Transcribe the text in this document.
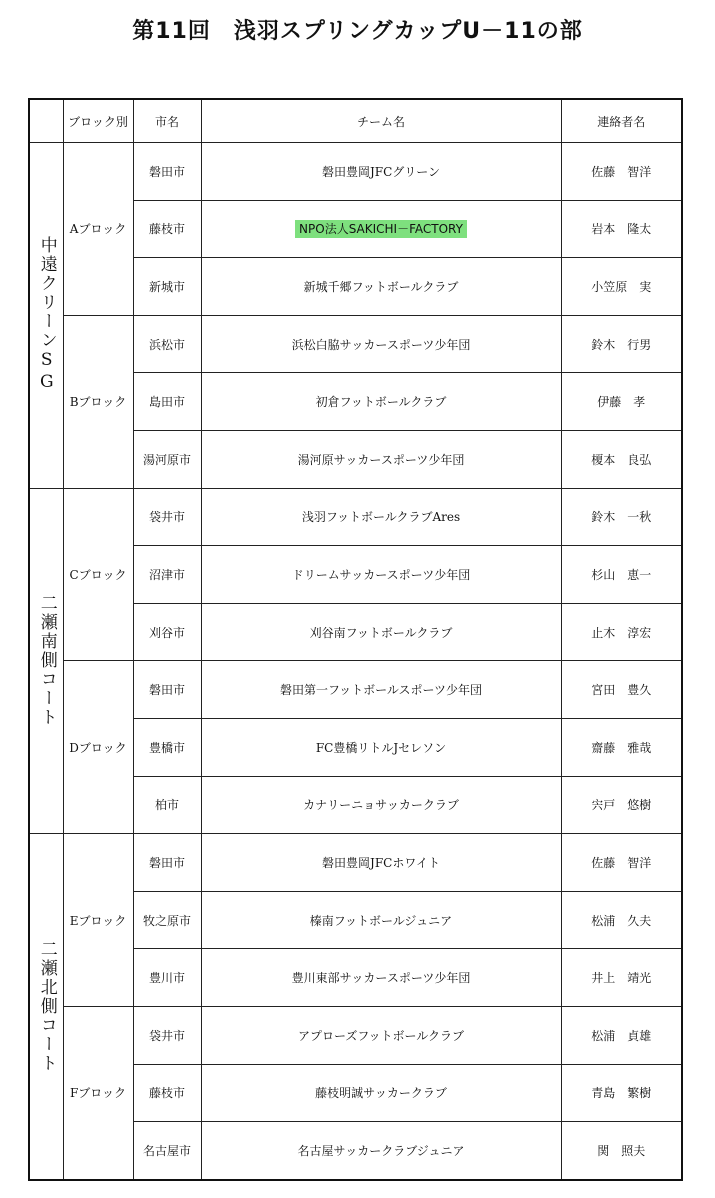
第11回　浅羽スプリングカップU－11の部
	ブロック別	市名	チーム名	連絡者名
中遠クリーンSG	Aブロック	磐田市	磐田豊岡JFCグリーン	佐藤　智洋
		藤枝市	NPO法人SAKICHI－FACTORY	岩本　隆太
		新城市	新城千郷フットボールクラブ	小笠原　実
	Bブロック	浜松市	浜松白脇サッカースポーツ少年団	鈴木　行男
		島田市	初倉フットボールクラブ	伊藤　孝
		湯河原市	湯河原サッカースポーツ少年団	榎本　良弘
二瀬南側コート	Cブロック	袋井市	浅羽フットボールクラブAres	鈴木　一秋
		沼津市	ドリームサッカースポーツ少年団	杉山　恵一
		刈谷市	刈谷南フットボールクラブ	止木　淳宏
	Dブロック	磐田市	磐田第一フットボールスポーツ少年団	宮田　豊久
		豊橋市	FC豊橋リトルJセレソン	齋藤　雅哉
		柏市	カナリーニョサッカークラブ	宍戸　悠樹
二瀬北側コート	Eブロック	磐田市	磐田豊岡JFCホワイト	佐藤　智洋
		牧之原市	榛南フットボールジュニア	松浦　久夫
		豊川市	豊川東部サッカースポーツ少年団	井上　靖光
	Fブロック	袋井市	アプローズフットボールクラブ	松浦　貞雄
		藤枝市	藤枝明誠サッカークラブ	青島　繁樹
		名古屋市	名古屋サッカークラブジュニア	関　照夫
